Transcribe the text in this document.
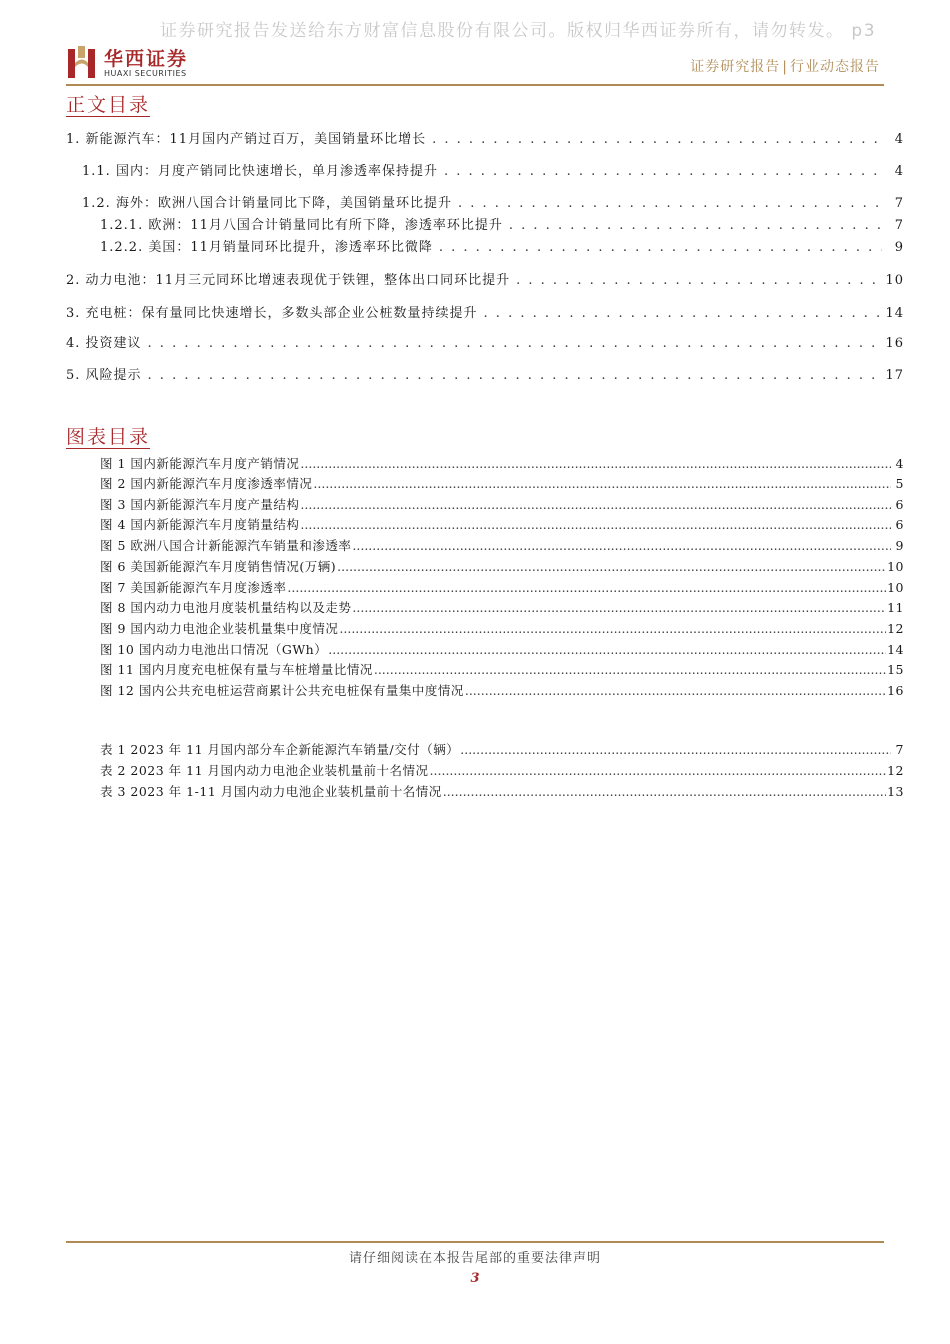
证券研究报告发送给东方财富信息股份有限公司。版权归华西证券所有，请勿转发。 p3
华西证券
HUAXI SECURITIES	证券研究报告 | 行业动态报告
正文目录
1. 新能源汽车：11月国内产销过百万，美国销量环比增长 . . .	4
1.1. 国内：月度产销同比快速增长，单月渗透率保持提升 . . .	4
1.2. 海外：欧洲八国合计销量同比下降，美国销量环比提升 . . .	7
1.2.1. 欧洲：11月八国合计销量同比有所下降，渗透率环比提升 . . .	7
1.2.2. 美国：11月销量同环比提升，渗透率环比微降 . . .	9
2. 动力电池：11月三元同环比增速表现优于铁锂，整体出口同环比提升 . . .	10
3. 充电桩：保有量同比快速增长，多数头部企业公桩数量持续提升 . . .	14
4. 投资建议 . . .	16
5. 风险提示 . . .	17
图表目录
图 1 国内新能源汽车月度产销情况 .....	4
图 2 国内新能源汽车月度渗透率情况 .....	5
图 3 国内新能源汽车月度产量结构 .....	6
图 4 国内新能源汽车月度销量结构 .....	6
图 5 欧洲八国合计新能源汽车销量和渗透率 .....	9
图 6 美国新能源汽车月度销售情况(万辆) .....	10
图 7 美国新能源汽车月度渗透率 .....	10
图 8 国内动力电池月度装机量结构以及走势 .....	11
图 9 国内动力电池企业装机量集中度情况 .....	12
图 10 国内动力电池出口情况（GWh） .....	14
图 11 国内月度充电桩保有量与车桩增量比情况 .....	15
图 12 国内公共充电桩运营商累计公共充电桩保有量集中度情况 .....	16
表 1 2023 年 11 月国内部分车企新能源汽车销量/交付（辆） .....	7
表 2 2023 年 11 月国内动力电池企业装机量前十名情况 .....	12
表 3 2023 年 1-11 月国内动力电池企业装机量前十名情况 .....	13
请仔细阅读在本报告尾部的重要法律声明
3
